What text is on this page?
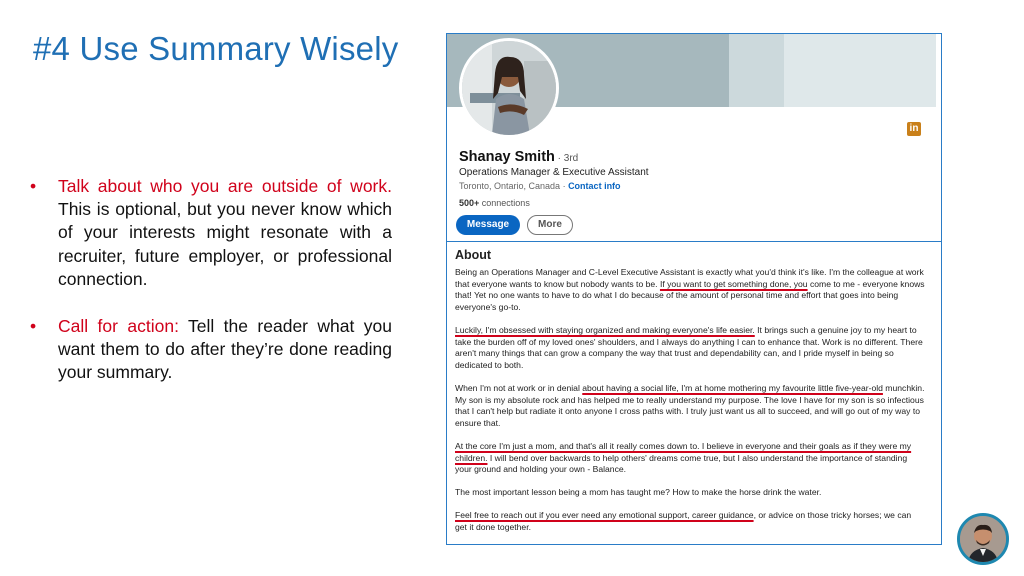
#4 Use Summary Wisely
• Talk about who you are outside of work. This is optional, but you never know which of your interests might resonate with a recruiter, future employer, or professional connection.
• Call for action: Tell the reader what you want them to do after they’re done reading your summary.
in
Shanay Smith · 3rd
Operations Manager & Executive Assistant
Toronto, Ontario, Canada · Contact info
500+ connections
Message	More
About

Being an Operations Manager and C-Level Executive Assistant is exactly what you'd think it's like. I'm the colleague at work that everyone wants to know but nobody wants to be. If you want to get something done, you come to me - everyone knows that! Yet no one wants to have to do what I do because of the amount of personal time and effort that goes into being everyone's go-to.

Luckily, I'm obsessed with staying organized and making everyone's life easier. It brings such a genuine joy to my heart to take the burden off of my loved ones' shoulders, and I always do anything I can to enhance that. Work is no different. There aren't many things that can grow a company the way that trust and dependability can, and I pride myself in being so dedicated to both.

When I'm not at work or in denial about having a social life, I'm at home mothering my favourite little five-year-old munchkin. My son is my absolute rock and has helped me to really understand my purpose. The love I have for my son is so infectious that I can't help but radiate it onto anyone I cross paths with. I truly just want us all to succeed, and will go out of my way to ensure that.

At the core I'm just a mom, and that's all it really comes down to. I believe in everyone and their goals as if they were my children. I will bend over backwards to help others' dreams come true, but I also understand the importance of standing your ground and holding your own - Balance.

The most important lesson being a mom has taught me? How to make the horse drink the water.

Feel free to reach out if you ever need any emotional support, career guidance, or advice on those tricky horses; we can get it done together.
